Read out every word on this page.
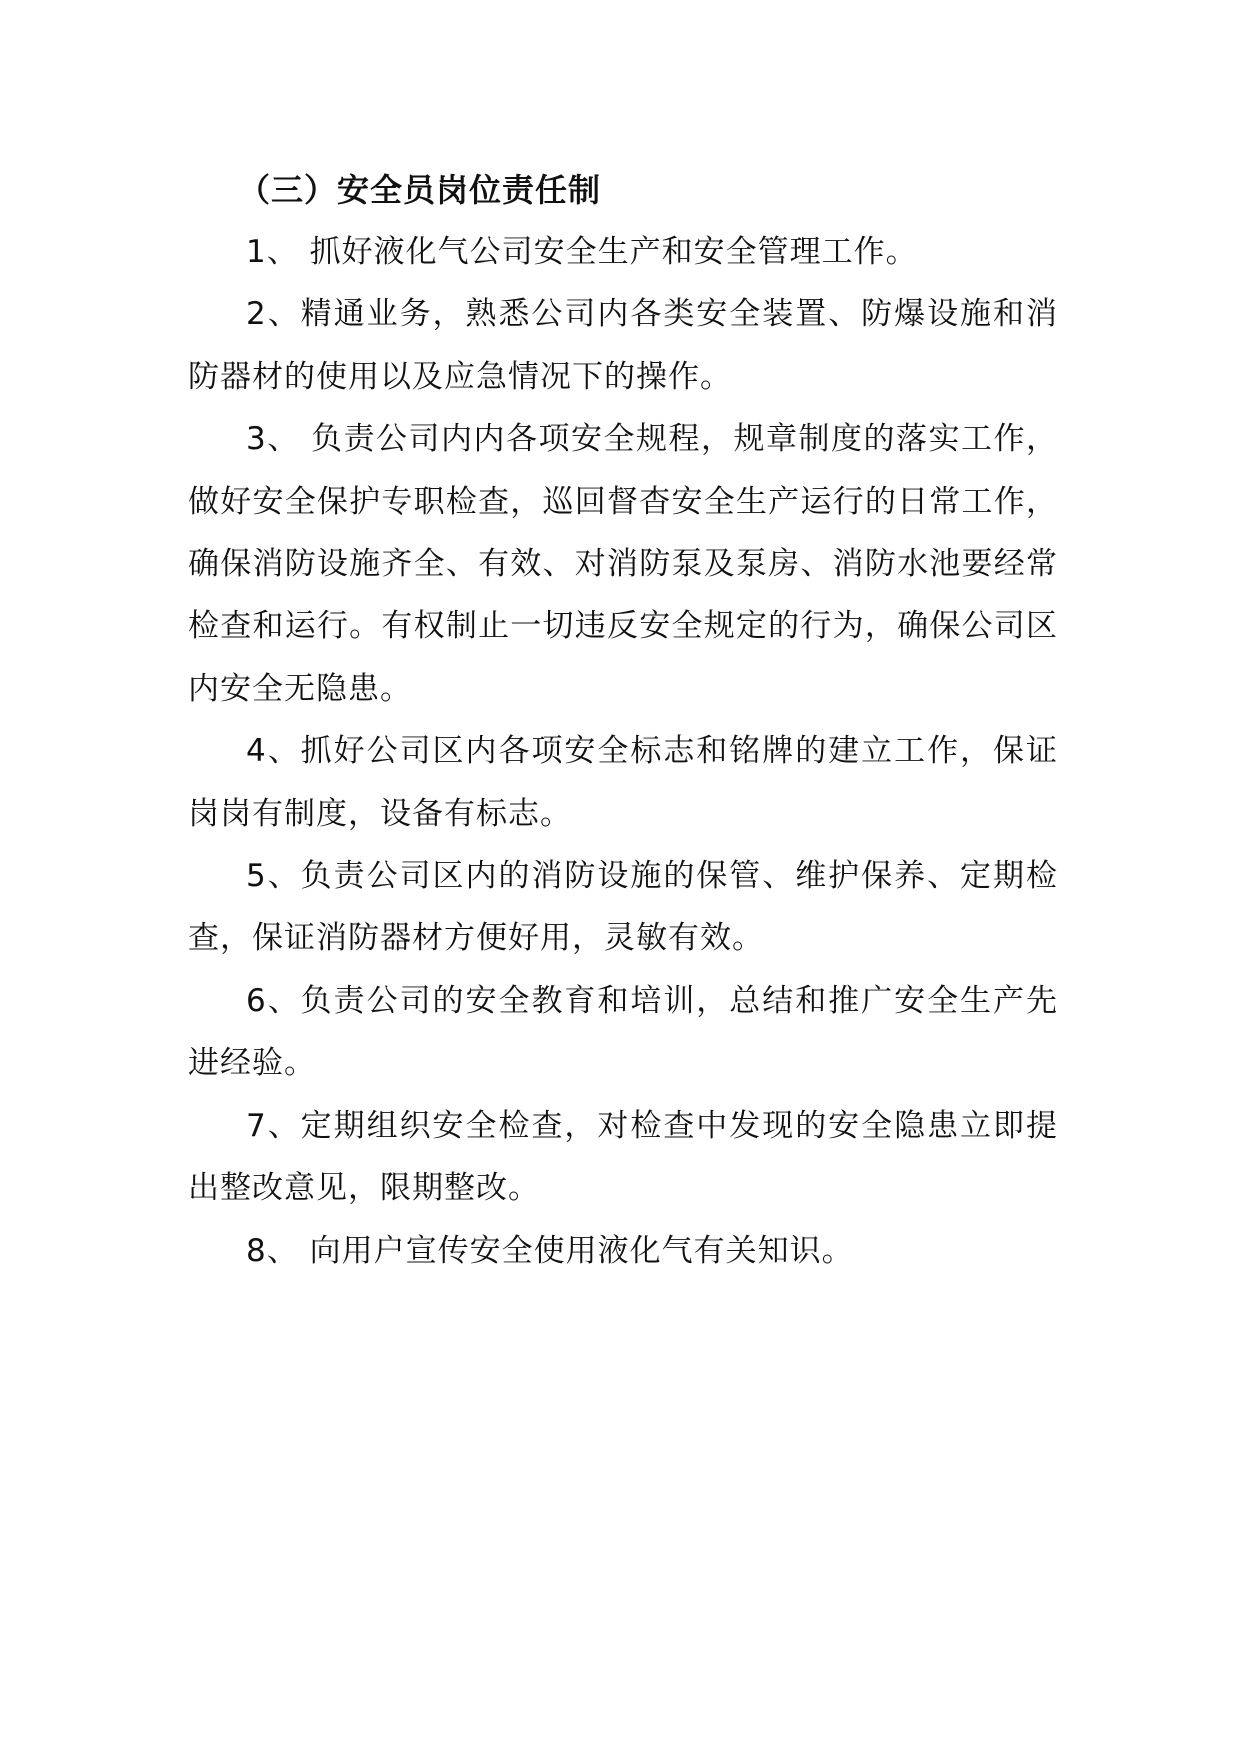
（三）安全员岗位责任制

1、 抓好液化气公司安全生产和安全管理工作。

2、精通业务，熟悉公司内各类安全装置、防爆设施和消防器材的使用以及应急情况下的操作。

3、 负责公司内内各项安全规程，规章制度的落实工作，做好安全保护专职检查，巡回督杳安全生产运行的日常工作，确保消防设施齐全、有效、对消防泵及泵房、消防水池要经常检查和运行。有权制止一切违反安全规定的行为，确保公司区内安全无隐患。

4、抓好公司区内各项安全标志和铭牌的建立工作，保证岗岗有制度，设备有标志。

5、负责公司区内的消防设施的保管、维护保养、定期检查，保证消防器材方便好用，灵敏有效。

6、负责公司的安全教育和培训，总结和推广安全生产先进经验。

7、定期组织安全检查，对检查中发现的安全隐患立即提出整改意见，限期整改。

8、 向用户宣传安全使用液化气有关知识。
